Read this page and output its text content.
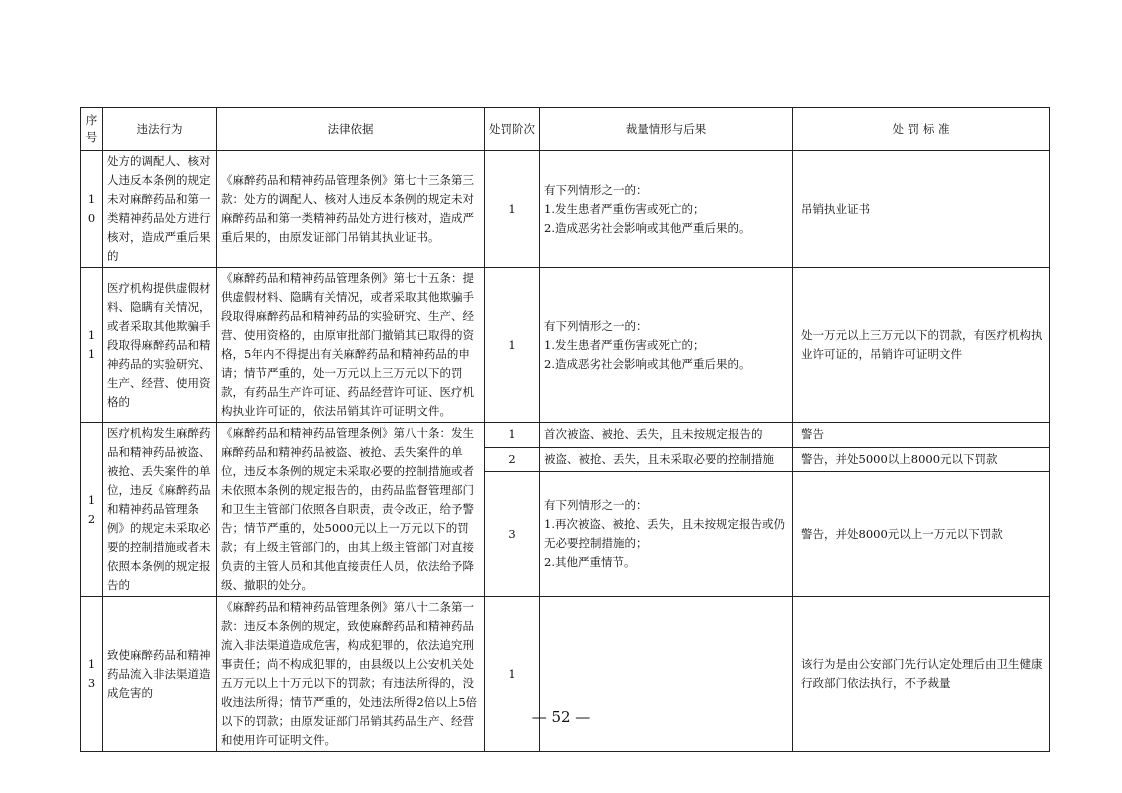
序号	违法行为	法律依据	处罚阶次	裁量情形与后果	处 罚 标 准
10	处方的调配人、核对人违反本条例的规定未对麻醉药品和第一类精神药品处方进行核对，造成严重后果的	《麻醉药品和精神药品管理条例》第七十三条第三款：处方的调配人、核对人违反本条例的规定未对麻醉药品和第一类精神药品处方进行核对，造成严重后果的，由原发证部门吊销其执业证书。	1	有下列情形之一的：
1.发生患者严重伤害或死亡的；
2.造成恶劣社会影响或其他严重后果的。	吊销执业证书
11	医疗机构提供虚假材料、隐瞒有关情况，或者采取其他欺骗手段取得麻醉药品和精神药品的实验研究、生产、经营、使用资格的	《麻醉药品和精神药品管理条例》第七十五条：提供虚假材料、隐瞒有关情况，或者采取其他欺骗手段取得麻醉药品和精神药品的实验研究、生产、经营、使用资格的，由原审批部门撤销其已取得的资格，5年内不得提出有关麻醉药品和精神药品的申请；情节严重的，处一万元以上三万元以下的罚款，有药品生产许可证、药品经营许可证、医疗机构执业许可证的，依法吊销其许可证明文件。	1	有下列情形之一的：
1.发生患者严重伤害或死亡的；
2.造成恶劣社会影响或其他严重后果的。	处一万元以上三万元以下的罚款，有医疗机构执业许可证的，吊销许可证明文件
12	医疗机构发生麻醉药品和精神药品被盗、被抢、丢失案件的单位，违反《麻醉药品和精神药品管理条例》的规定未采取必要的控制措施或者未依照本条例的规定报告的	《麻醉药品和精神药品管理条例》第八十条：发生麻醉药品和精神药品被盗、被抢、丢失案件的单位，违反本条例的规定未采取必要的控制措施或者未依照本条例的规定报告的，由药品监督管理部门和卫生主管部门依照各自职责，责令改正，给予警告；情节严重的，处5000元以上一万元以下的罚款；有上级主管部门的，由其上级主管部门对直接负责的主管人员和其他直接责任人员，依法给予降级、撤职的处分。	1	首次被盗、被抢、丢失，且未按规定报告的	警告
			2	被盗、被抢、丢失，且未采取必要的控制措施	警告，并处5000以上8000元以下罚款
			3	有下列情形之一的：
1.再次被盗、被抢、丢失，且未按规定报告或仍无必要控制措施的；
2.其他严重情节。	警告，并处8000元以上一万元以下罚款
13	致使麻醉药品和精神药品流入非法渠道造成危害的	《麻醉药品和精神药品管理条例》第八十二条第一款：违反本条例的规定，致使麻醉药品和精神药品流入非法渠道造成危害，构成犯罪的，依法追究刑事责任；尚不构成犯罪的，由县级以上公安机关处五万元以上十万元以下的罚款；有违法所得的，没收违法所得；情节严重的，处违法所得2倍以上5倍以下的罚款；由原发证部门吊销其药品生产、经营和使用许可证明文件。	1		该行为是由公安部门先行认定处理后由卫生健康行政部门依法执行，不予裁量
— 52 —
